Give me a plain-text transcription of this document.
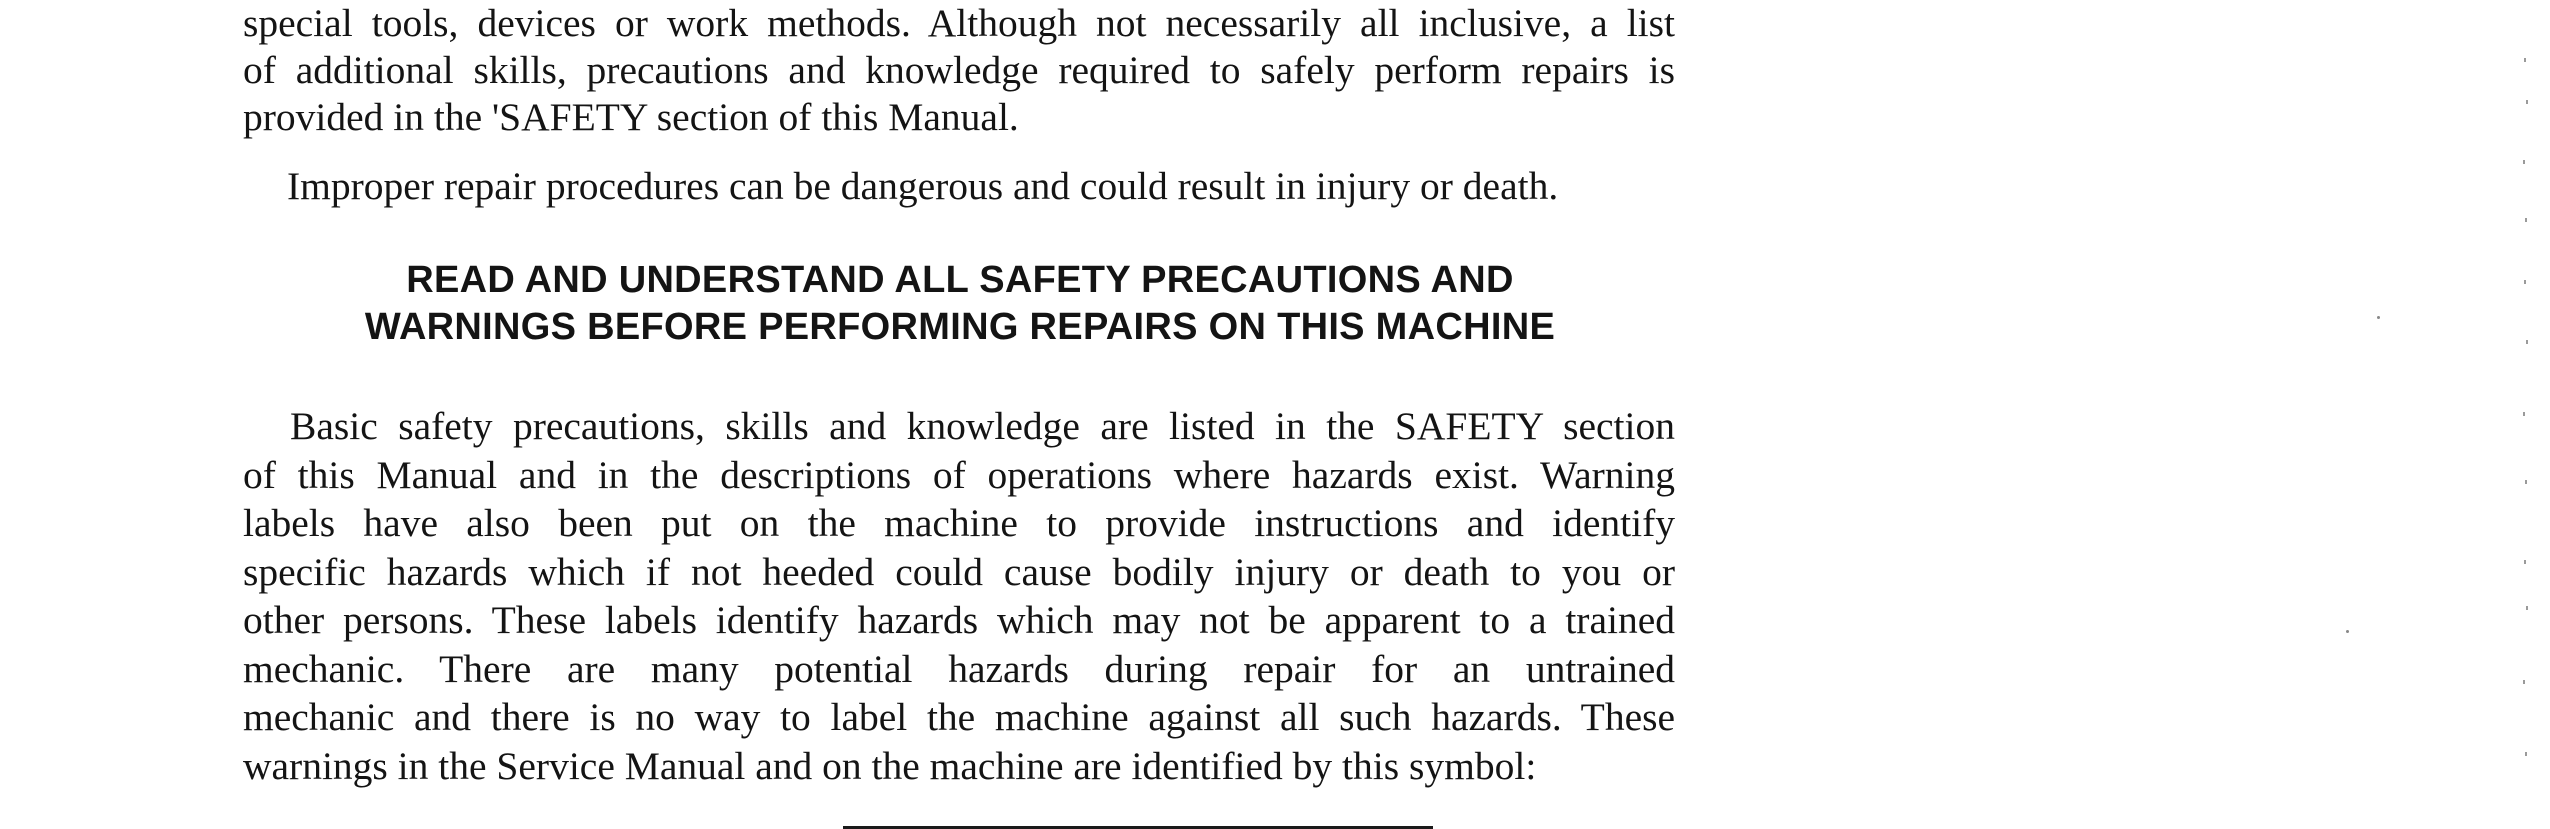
special tools, devices or work methods. Although not necessarily all inclusive, a list
of additional skills, precautions and knowledge required to safely perform repairs is
provided in the 'SAFETY section of this Manual.
Improper repair procedures can be dangerous and could result in injury or death.
READ AND UNDERSTAND ALL SAFETY PRECAUTIONS AND
WARNINGS BEFORE PERFORMING REPAIRS ON THIS MACHINE
Basic safety precautions, skills and knowledge are listed in the SAFETY section
of this Manual and in the descriptions of operations where hazards exist. Warning
labels have also been put on the machine to provide instructions and identify
specific hazards which if not heeded could cause bodily injury or death to you or
other persons. These labels identify hazards which may not be apparent to a trained
mechanic. There are many potential hazards during repair for an untrained
mechanic and there is no way to label the machine against all such hazards. These
warnings in the Service Manual and on the machine are identified by this symbol:
